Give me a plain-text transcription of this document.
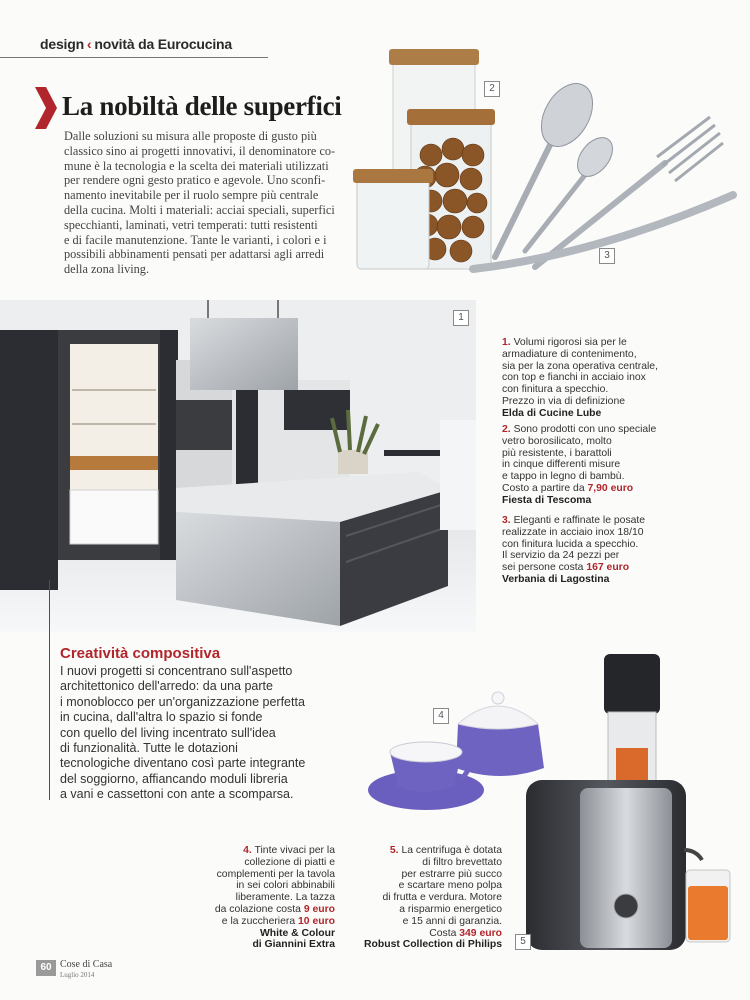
design ‹ novità da Eurocucina
La nobiltà delle superfici
Dalle soluzioni su misura alle proposte di gusto più
classico sino ai progetti innovativi, il denominatore co-
mune è la tecnologia e la scelta dei materiali utilizzati
per rendere ogni gesto pratico e agevole. Uno sconfi-
namento inevitabile per il ruolo sempre più centrale
della cucina. Molti i materiali: acciai speciali, superfici
specchianti, laminati, vetri temperati: tutti resistenti
e di facile manutenzione. Tante le varianti, i colori e i
possibili abbinamenti pensati per adattarsi agli arredi
della zona living.
2
3
1
1. Volumi rigorosi sia per le
armadiature di contenimento,
sia per la zona operativa centrale,
con top e fianchi in acciaio inox
con finitura a specchio.
Prezzo in via di definizione
Elda di Cucine Lube
2. Sono prodotti con uno speciale
vetro borosilicato, molto
più resistente, i barattoli
in cinque differenti misure
e tappo in legno di bambù.
Costo a partire da 7,90 euro
Fiesta di Tescoma
3. Eleganti e raffinate le posate
realizzate in acciaio inox 18/10
con finitura lucida a specchio.
Il servizio da 24 pezzi per
sei persone costa 167 euro
Verbania di Lagostina
Creatività compositiva
I nuovi progetti si concentrano sull'aspetto
architettonico dell'arredo: da una parte
i monoblocco per un'organizzazione perfetta
in cucina, dall'altra lo spazio si fonde
con quello del living incentrato sull'idea
di funzionalità. Tutte le dotazioni
tecnologiche diventano così parte integrante
del soggiorno, affiancando moduli libreria
a vani e cassettoni con ante a scomparsa.
4
5
4. Tinte vivaci per la
collezione di piatti e
complementi per la tavola
in sei colori abbinabili
liberamente. La tazza
da colazione costa 9 euro
e la zuccheriera 10 euro
White & Colour
di Giannini Extra
5. La centrifuga è dotata
di filtro brevettato
per estrarre più succo
e scartare meno polpa
di frutta e verdura. Motore
a risparmio energetico
e 15 anni di garanzia.
Costa 349 euro
Robust Collection di Philips
60 Cose di Casa
Luglio 2014
